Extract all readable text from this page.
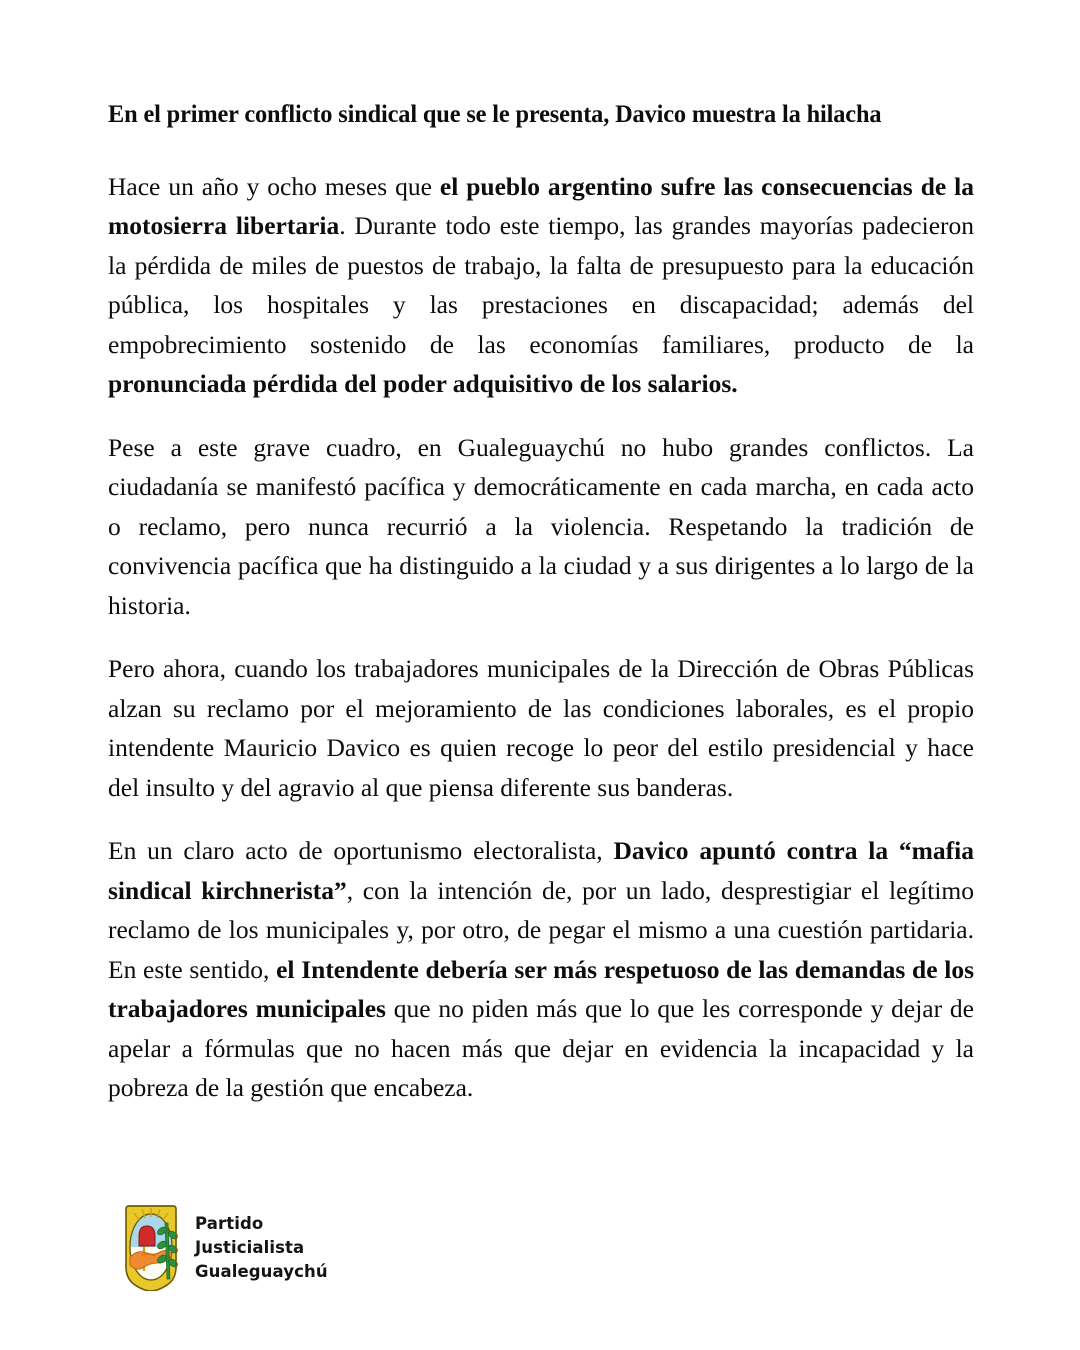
En el primer conflicto sindical que se le presenta, Davico muestra la hilacha

Hace un año y ocho meses que el pueblo argentino sufre las consecuencias de la motosierra libertaria. Durante todo este tiempo, las grandes mayorías padecieron la pérdida de miles de puestos de trabajo, la falta de presupuesto para la educación pública, los hospitales y las prestaciones en discapacidad; además del empobrecimiento sostenido de las economías familiares, producto de la pronunciada pérdida del poder adquisitivo de los salarios.

Pese a este grave cuadro, en Gualeguaychú no hubo grandes conflictos. La ciudadanía se manifestó pacífica y democráticamente en cada marcha, en cada acto o reclamo, pero nunca recurrió a la violencia. Respetando la tradición de convivencia pacífica que ha distinguido a la ciudad y a sus dirigentes a lo largo de la historia.

Pero ahora, cuando los trabajadores municipales de la Dirección de Obras Públicas alzan su reclamo por el mejoramiento de las condiciones laborales, es el propio intendente Mauricio Davico es quien recoge lo peor del estilo presidencial y hace del insulto y del agravio al que piensa diferente sus banderas.

En un claro acto de oportunismo electoralista, Davico apuntó contra la “mafia sindical kirchnerista”, con la intención de, por un lado, desprestigiar el legítimo reclamo de los municipales y, por otro, de pegar el mismo a una cuestión partidaria. En este sentido, el Intendente debería ser más respetuoso de las demandas de los trabajadores municipales que no piden más que lo que les corresponde y dejar de apelar a fórmulas que no hacen más que dejar en evidencia la incapacidad y la pobreza de la gestión que encabeza.

Partido
Justicialista
Gualeguaychú
